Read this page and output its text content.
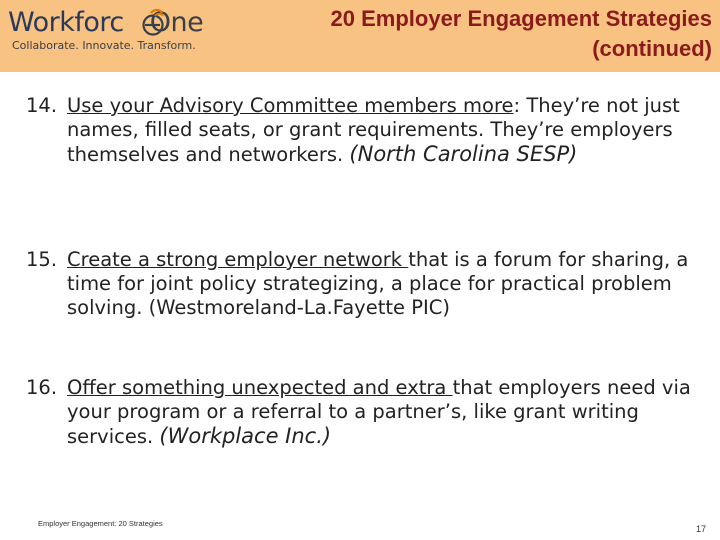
Workforc One
Collaborate. Innovate. Transform.
20 Employer Engagement Strategies
(continued)
14. Use your Advisory Committee members more: They’re not just names, filled seats, or grant requirements. They’re employers themselves and networkers. (North Carolina SESP)
15. Create a strong employer network that is a forum for sharing, a time for joint policy strategizing, a place for practical problem solving. (Westmoreland-La.Fayette PIC)
16. Offer something unexpected and extra that employers need via your program or a referral to a partner’s, like grant writing services. (Workplace Inc.)
Employer Engagement: 20 Strategies
17
